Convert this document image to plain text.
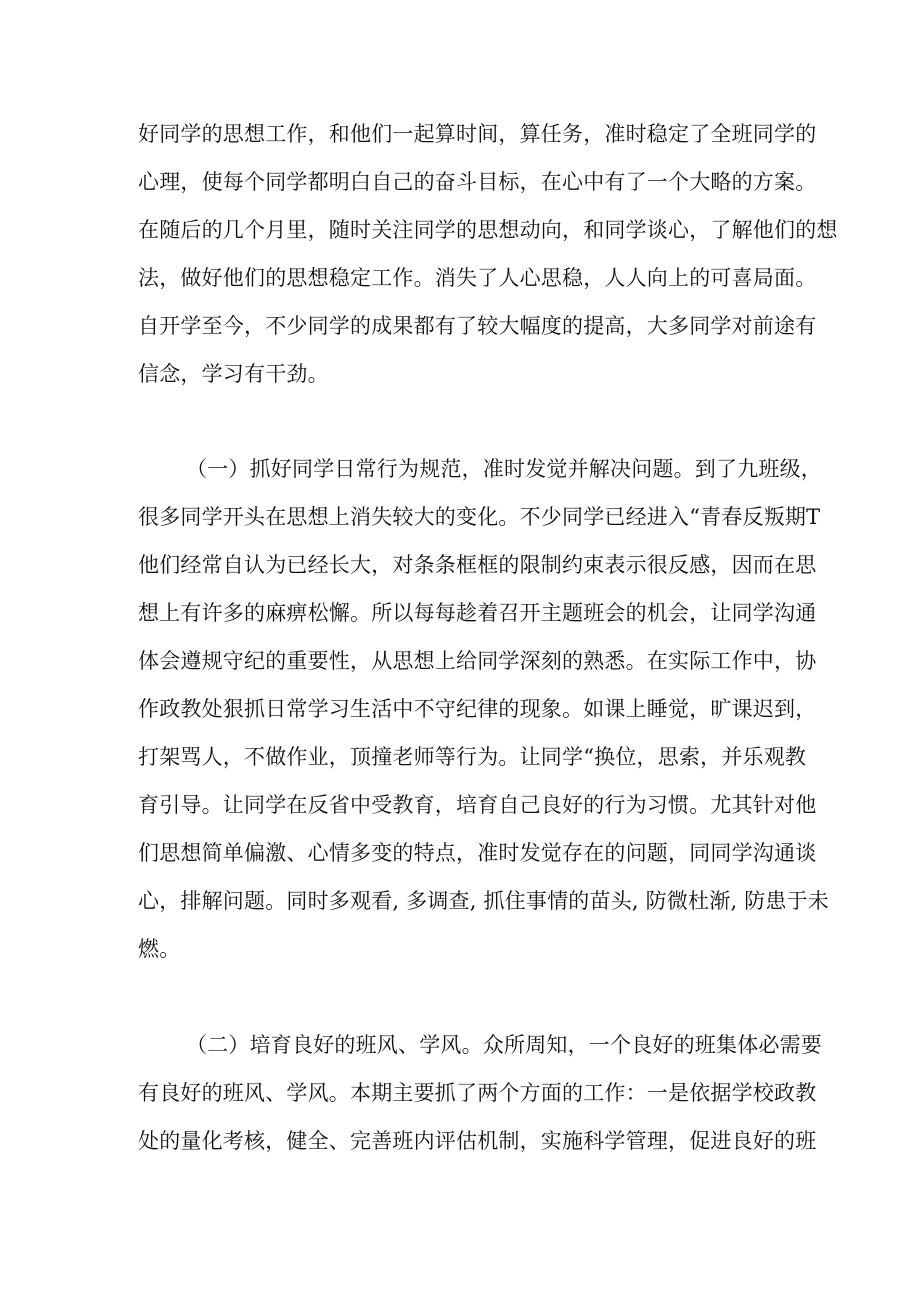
好同学的思想工作，和他们一起算时间，算任务，准时稳定了全班同学的
心理，使每个同学都明白自己的奋斗目标，在心中有了一个大略的方案。
在随后的几个月里，随时关注同学的思想动向，和同学谈心，了解他们的想
法，做好他们的思想稳定工作。消失了人心思稳，人人向上的可喜局面。
自开学至今，不少同学的成果都有了较大幅度的提高，大多同学对前途有
信念，学习有干劲。
（一）抓好同学日常行为规范，准时发觉并解决问题。到了九班级，
很多同学开头在思想上消失较大的变化。不少同学已经进入“青春反叛期T
他们经常自认为已经长大，对条条框框的限制约束表示很反感，因而在思
想上有许多的麻痹松懈。所以每每趁着召开主题班会的机会，让同学沟通
体会遵规守纪的重要性，从思想上给同学深刻的熟悉。在实际工作中，协
作政教处狠抓日常学习生活中不守纪律的现象。如课上睡觉，旷课迟到，
打架骂人，不做作业，顶撞老师等行为。让同学“换位，思索，并乐观教
育引导。让同学在反省中受教育，培育自己良好的行为习惯。尤其针对他
们思想简单偏激、心情多变的特点，准时发觉存在的问题，同同学沟通谈
心，排解问题。同时多观看, 多调查, 抓住事情的苗头, 防微杜渐, 防患于未
燃。
（二）培育良好的班风、学风。众所周知，一个良好的班集体必需要
有良好的班风、学风。本期主要抓了两个方面的工作：一是依据学校政教
处的量化考核，健全、完善班内评估机制，实施科学管理，促进良好的班
